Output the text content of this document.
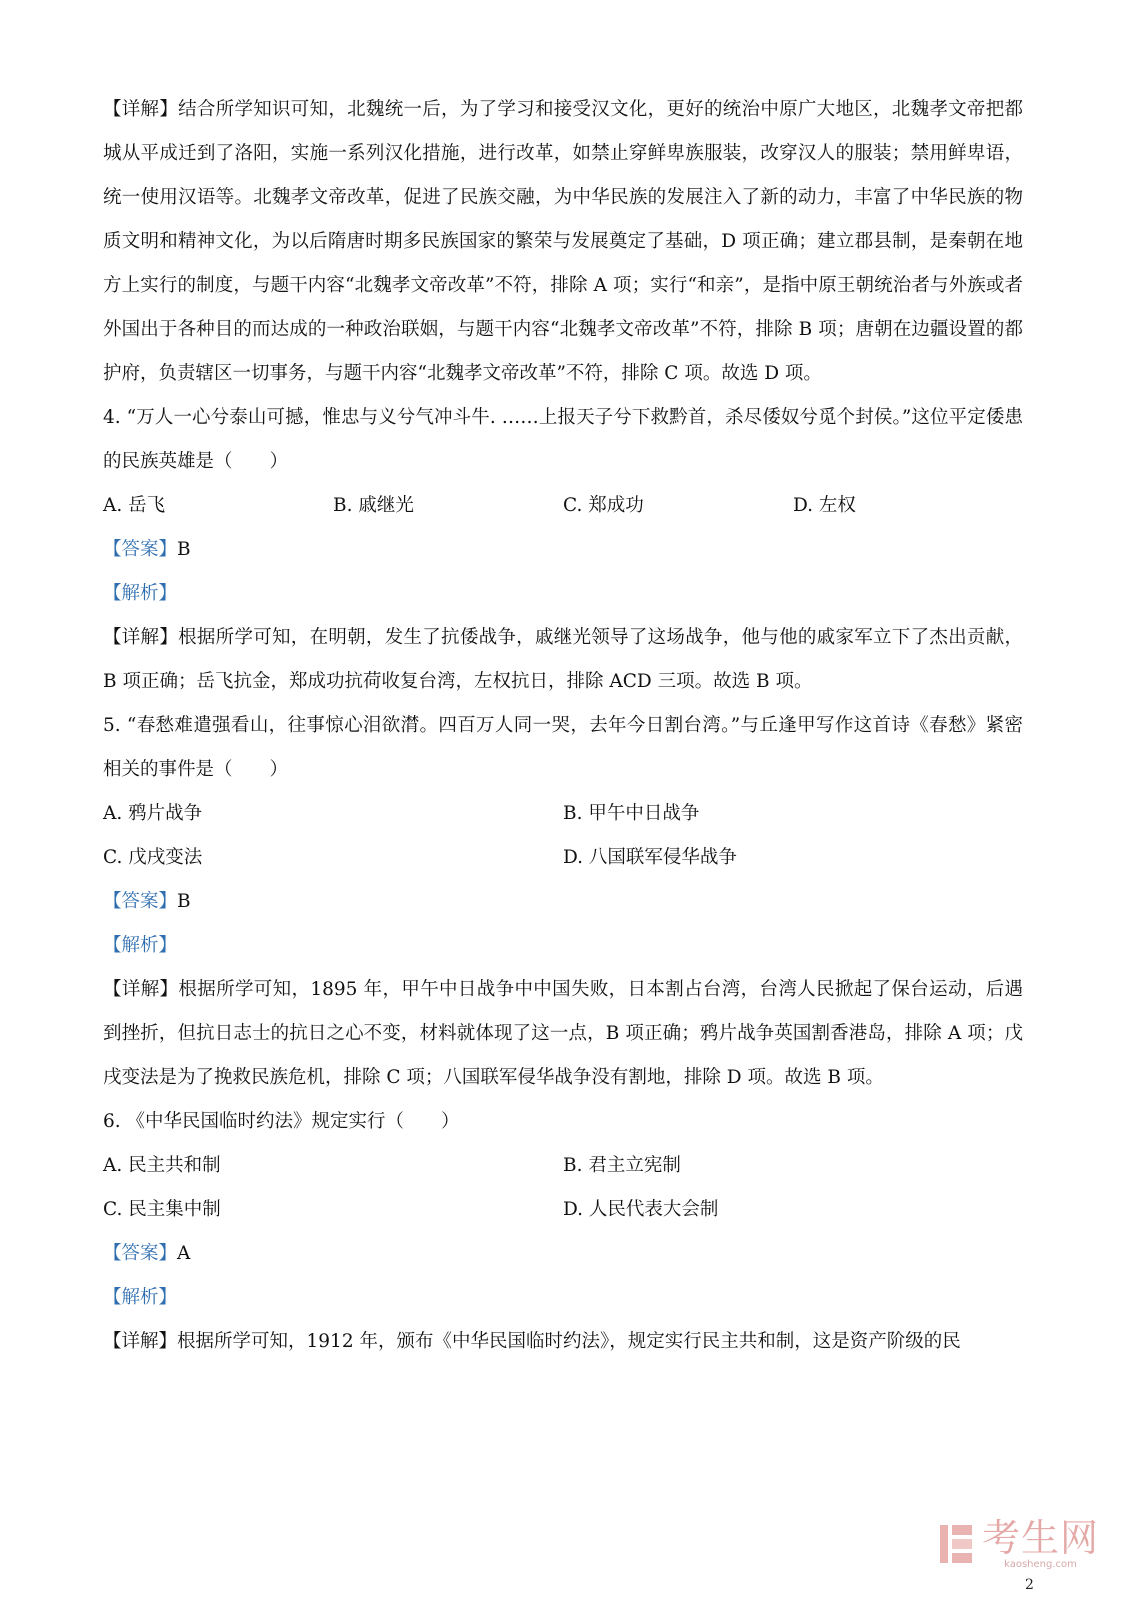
【详解】结合所学知识可知，北魏统一后，为了学习和接受汉文化，更好的统治中原广大地区，北魏孝文帝把都城从平成迁到了洛阳，实施一系列汉化措施，进行改革，如禁止穿鲜卑族服装，改穿汉人的服装；禁用鲜卑语，统一使用汉语等。北魏孝文帝改革，促进了民族交融，为中华民族的发展注入了新的动力，丰富了中华民族的物质文明和精神文化，为以后隋唐时期多民族国家的繁荣与发展奠定了基础，D 项正确；建立郡县制，是秦朝在地方上实行的制度，与题干内容“北魏孝文帝改革”不符，排除 A 项；实行“和亲”，是指中原王朝统治者与外族或者外国出于各种目的而达成的一种政治联姻，与题干内容“北魏孝文帝改革”不符，排除 B 项；唐朝在边疆设置的都护府，负责辖区一切事务，与题干内容“北魏孝文帝改革”不符，排除 C 项。故选 D 项。

4. “万人一心兮泰山可撼，惟忠与义兮气冲斗牛. ……上报天子兮下救黔首，杀尽倭奴兮觅个封侯。”这位平定倭患的民族英雄是（　　）

A. 岳飞	B. 戚继光	C. 郑成功	D. 左权

【答案】B

【解析】

【详解】根据所学可知，在明朝，发生了抗倭战争，戚继光领导了这场战争，他与他的戚家军立下了杰出贡献，B 项正确；岳飞抗金，郑成功抗荷收复台湾，左权抗日，排除 ACD 三项。故选 B 项。

5. “春愁难遣强看山，往事惊心泪欲潸。四百万人同一哭，去年今日割台湾。”与丘逢甲写作这首诗《春愁》紧密相关的事件是（　　）

A. 鸦片战争	B. 甲午中日战争
C. 戊戌变法	D. 八国联军侵华战争

【答案】B

【解析】

【详解】根据所学可知，1895 年，甲午中日战争中中国失败，日本割占台湾，台湾人民掀起了保台运动，后遇到挫折，但抗日志士的抗日之心不变，材料就体现了这一点，B 项正确；鸦片战争英国割香港岛，排除 A 项；戊戌变法是为了挽救民族危机，排除 C 项；八国联军侵华战争没有割地，排除 D 项。故选 B 项。

6. 《中华民国临时约法》规定实行（　　）

A. 民主共和制	B. 君主立宪制
C. 民主集中制	D. 人民代表大会制

【答案】A

【解析】

【详解】根据所学可知，1912 年，颁布《中华民国临时约法》，规定实行民主共和制，这是资产阶级的民

考生网
kaosheng.com
2
